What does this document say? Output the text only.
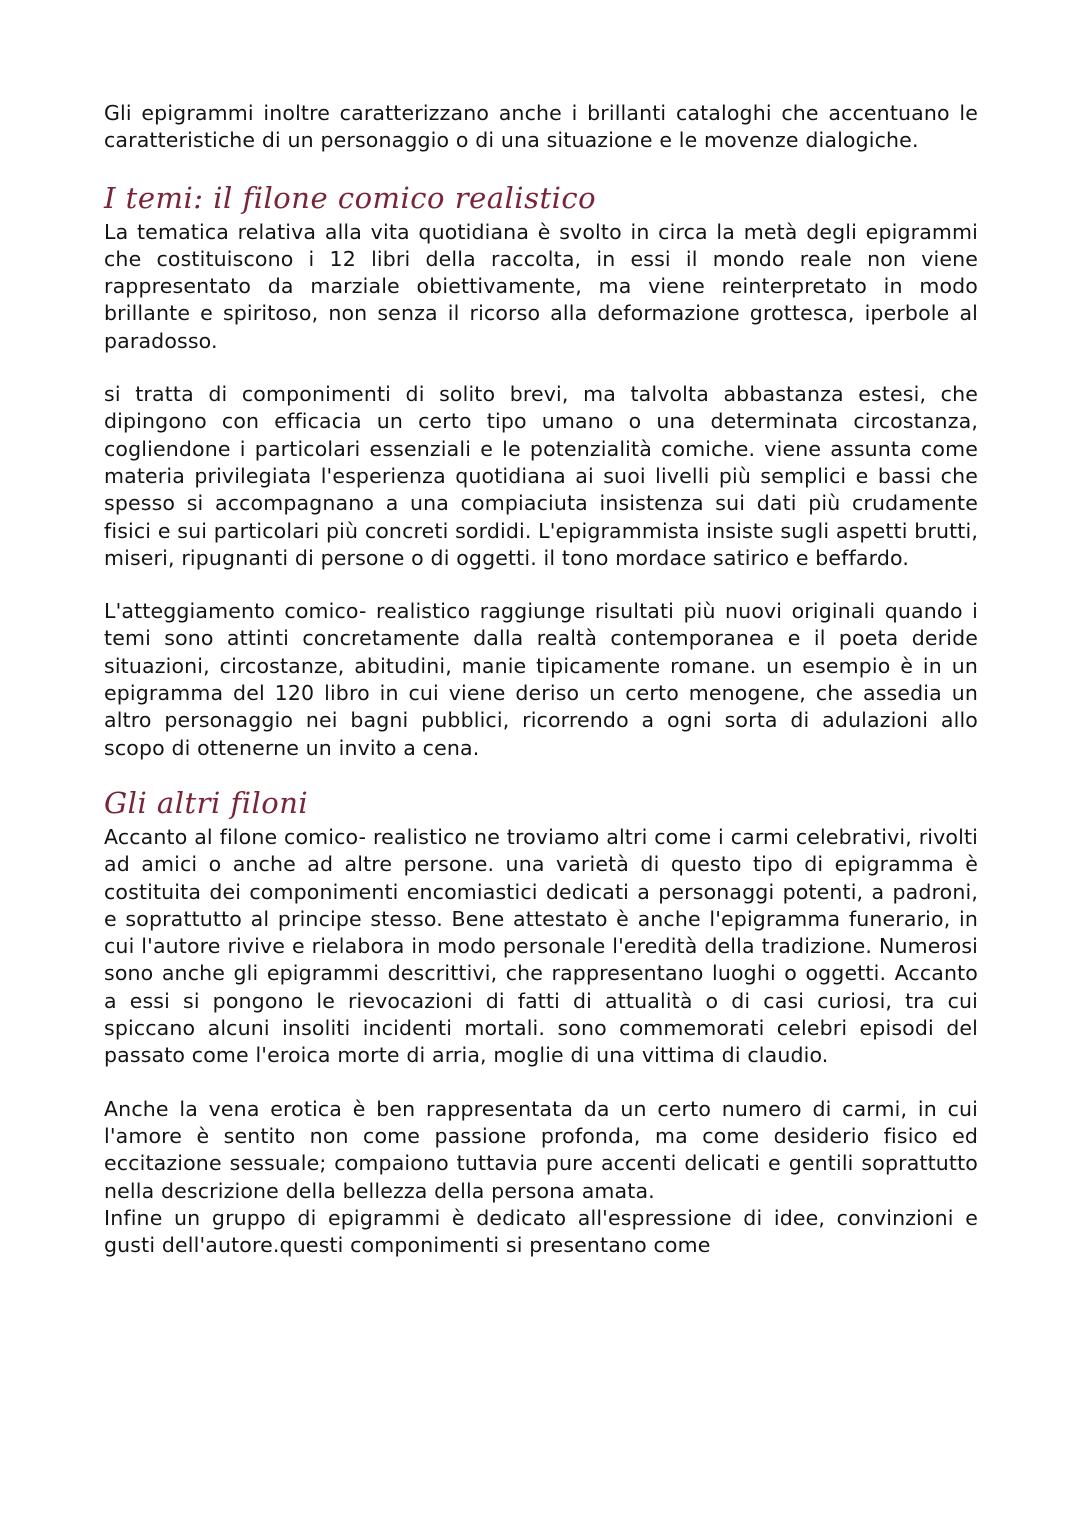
Gli epigrammi inoltre caratterizzano anche i brillanti cataloghi che accentuano le caratteristiche di un personaggio o di una situazione e le movenze dialogiche.

I temi: il filone comico realistico

La tematica relativa alla vita quotidiana è svolto in circa la metà degli epigrammi che costituiscono i 12 libri della raccolta, in essi il mondo reale non viene rappresentato da marziale obiettivamente, ma viene reinterpretato in modo brillante e spiritoso, non senza il ricorso alla deformazione grottesca, iperbole al paradosso.

si tratta di componimenti di solito brevi, ma talvolta abbastanza estesi, che dipingono con efficacia un certo tipo umano o una determinata circostanza, cogliendone i particolari essenziali e le potenzialità comiche. viene assunta come materia privilegiata l'esperienza quotidiana ai suoi livelli più semplici e bassi che spesso si accompagnano a una compiaciuta insistenza sui dati più crudamente fisici e sui particolari più concreti sordidi. L'epigrammista insiste sugli aspetti brutti, miseri, ripugnanti di persone o di oggetti. il tono mordace satirico e beffardo.

L'atteggiamento comico- realistico raggiunge risultati più nuovi originali quando i temi sono attinti concretamente dalla realtà contemporanea e il poeta deride situazioni, circostanze, abitudini, manie tipicamente romane. un esempio è in un epigramma del 120 libro in cui viene deriso un certo menogene, che assedia un altro personaggio nei bagni pubblici, ricorrendo a ogni sorta di adulazioni allo scopo di ottenerne un invito a cena.

Gli altri filoni

Accanto al filone comico- realistico ne troviamo altri come i carmi celebrativi, rivolti ad amici o anche ad altre persone. una varietà di questo tipo di epigramma è costituita dei componimenti encomiastici dedicati a personaggi potenti, a padroni, e soprattutto al principe stesso. Bene attestato è anche l'epigramma funerario, in cui l'autore rivive e rielabora in modo personale l'eredità della tradizione. Numerosi sono anche gli epigrammi descrittivi, che rappresentano luoghi o oggetti. Accanto a essi si pongono le rievocazioni di fatti di attualità o di casi curiosi, tra cui spiccano alcuni insoliti incidenti mortali. sono commemorati celebri episodi del passato come l'eroica morte di arria, moglie di una vittima di claudio.

Anche la vena erotica è ben rappresentata da un certo numero di carmi, in cui l'amore è sentito non come passione profonda, ma come desiderio fisico ed eccitazione sessuale; compaiono tuttavia pure accenti delicati e gentili soprattutto nella descrizione della bellezza della persona amata.

Infine un gruppo di epigrammi è dedicato all'espressione di idee, convinzioni e gusti dell'autore.questi componimenti si presentano come
